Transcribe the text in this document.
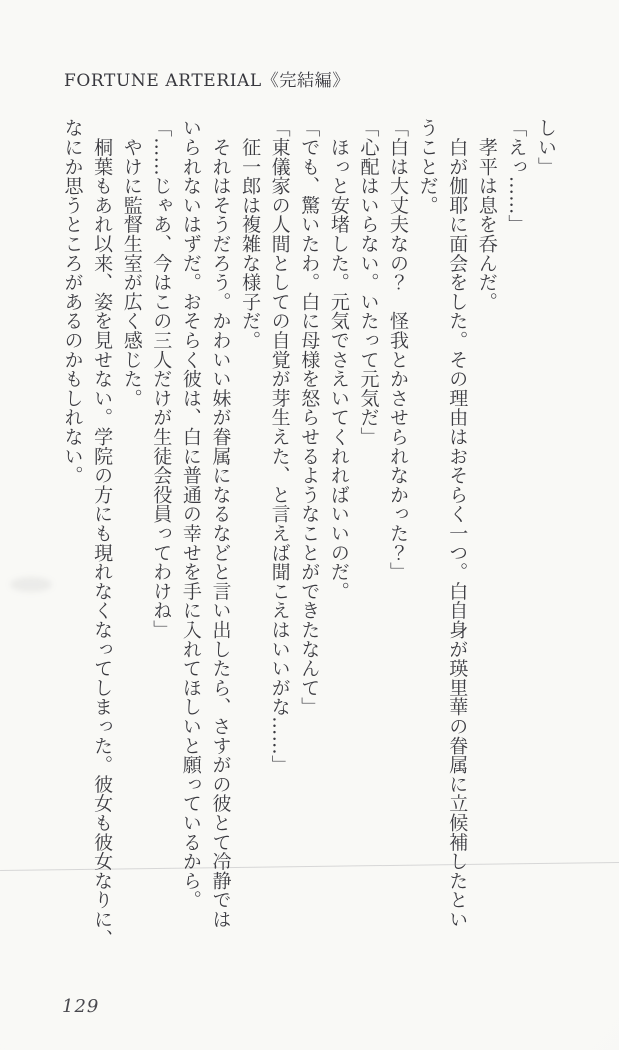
FORTUNE ARTERIAL《完結編》

しい」

「えっ……」

　孝平は息を呑んだ。

　白が伽耶に面会をした。その理由はおそらく一つ。白自身が瑛里華の眷属に立候補したとい

うことだ。

「白は大丈夫なの？　怪我とかさせられなかった？」

「心配はいらない。いたって元気だ」

　ほっと安堵した。元気でさえいてくれればいいのだ。

「でも、驚いたわ。白に母様を怒らせるようなことができたなんて」

「東儀家の人間としての自覚が芽生えた、と言えば聞こえはいいがな……」

　征一郎は複雑な様子だ。

　それはそうだろう。かわいい妹が眷属になるなどと言い出したら、さすがの彼とて冷静では

いられないはずだ。おそらく彼は、白に普通の幸せを手に入れてほしいと願っているから。

「……じゃあ、今はこの三人だけが生徒会役員ってわけね」

　やけに監督生室が広く感じた。

　桐葉もあれ以来、姿を見せない。学院の方にも現れなくなってしまった。彼女も彼女なりに、

なにか思うところがあるのかもしれない。

129
